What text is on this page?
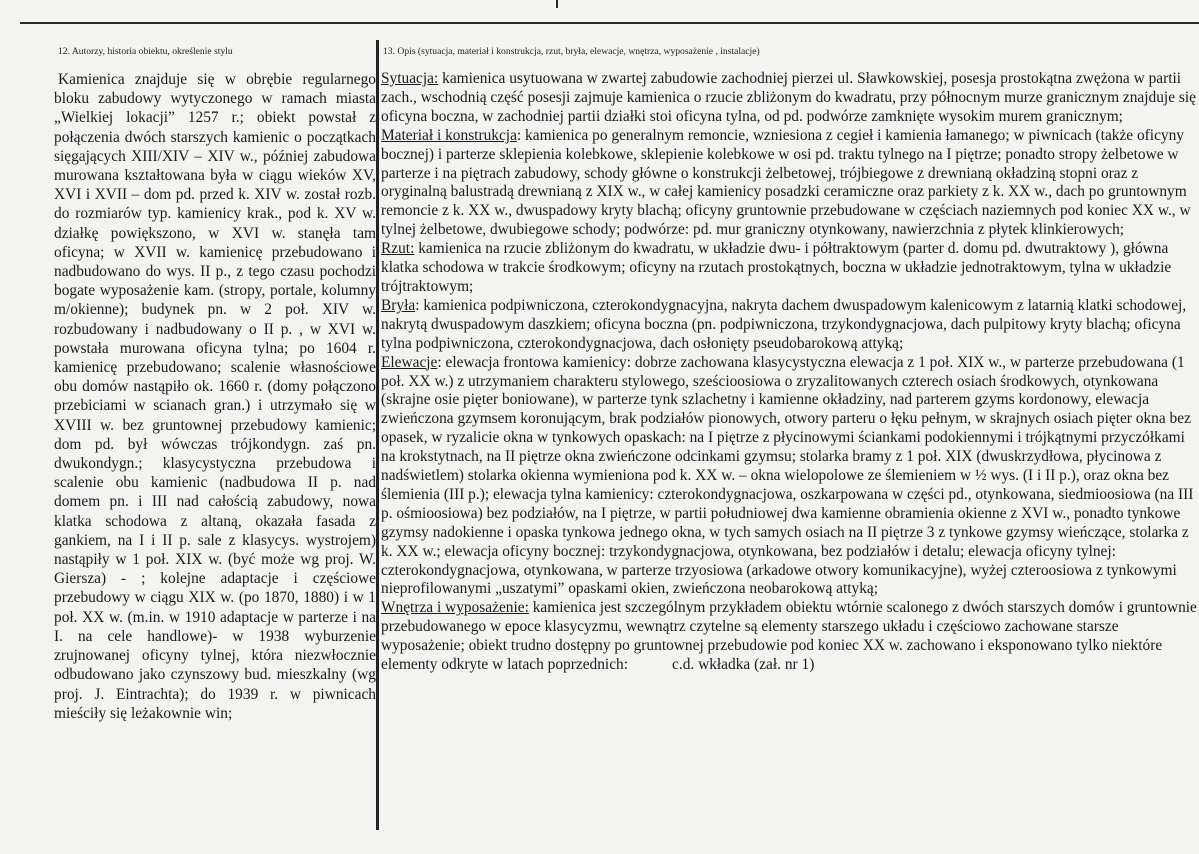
12. Autorzy, historia obiektu, określenie stylu	13. Opis (sytuacja, materiał i konstrukcja, rzut, bryła, elewacje, wnętrza, wyposażenie , instalacje)

Kamienica znajduje się w obrębie regularnego bloku zabudowy wytyczonego w ramach miasta „Wielkiej lokacji” 1257 r.; obiekt powstał z połączenia dwóch starszych kamienic o początkach sięgających XIII/XIV – XIV w., później zabudowa murowana kształtowana była w ciągu wieków XV, XVI i XVII – dom pd. przed k. XIV w. został rozb. do rozmiarów typ. kamienicy krak., pod k. XV w. działkę powiększono, w XVI w. stanęła tam oficyna; w XVII w. kamienicę przebudowano i nadbudowano do wys. II p., z tego czasu pochodzi bogate wyposażenie kam. (stropy, portale, kolumny m/okienne); budynek pn. w 2 poł. XIV w. rozbudowany i nadbudowany o II p. , w XVI w. powstała murowana oficyna tylna; po 1604 r. kamienicę przebudowano; scalenie własnościowe obu domów nastąpiło ok. 1660 r. (domy połączono przebiciami w scianach gran.) i utrzymało się w XVIII w. bez gruntownej przebudowy kamienic; dom pd. był wówczas trójkondygn. zaś pn. dwukondygn.; klasycystyczna przebudowa i scalenie obu kamienic (nadbudowa II p. nad domem pn. i III nad całością zabudowy, nowa klatka schodowa z altaną, okazała fasada z gankiem, na I i II p. sale z klasycys. wystrojem) nastąpiły w 1 poł. XIX w. (być może wg proj. W. Giersza) - ; kolejne adaptacje i częściowe przebudowy w ciągu XIX w. (po 1870, 1880) i w 1 poł. XX w. (m.in. w 1910 adaptacje w parterze i na I. na cele handlowe)- w 1938 wyburzenie zrujnowanej oficyny tylnej, która niezwłocznie odbudowano jako czynszowy bud. mieszkalny (wg proj. J. Eintrachta); do 1939 r. w piwnicach mieściły się leżakownie win;

Sytuacja: kamienica usytuowana w zwartej zabudowie zachodniej pierzei ul. Sławkowskiej, posesja prostokątna zwężona w partii zach., wschodnią część posesji zajmuje kamienica o rzucie zbliżonym do kwadratu, przy północnym murze granicznym znajduje się oficyna boczna, w zachodniej partii działki stoi oficyna tylna, od pd. podwórze zamknięte wysokim murem granicznym;

Materiał i konstrukcja: kamienica po generalnym remoncie, wzniesiona z cegieł i kamienia łamanego; w piwnicach (także oficyny bocznej) i parterze sklepienia kolebkowe, sklepienie kolebkowe w osi pd. traktu tylnego na I piętrze; ponadto stropy żelbetowe w parterze i na piętrach zabudowy, schody główne o konstrukcji żelbetowej, trójbiegowe z drewnianą okładziną stopni oraz z oryginalną balustradą drewnianą z XIX w., w całej kamienicy posadzki ceramiczne oraz parkiety z k. XX w., dach po gruntownym remoncie z k. XX w., dwuspadowy kryty blachą; oficyny gruntownie przebudowane w częściach naziemnych pod koniec XX w., w tylnej żelbetowe, dwubiegowe schody; podwórze: pd. mur graniczny otynkowany, nawierzchnia z płytek klinkierowych;

Rzut: kamienica na rzucie zbliżonym do kwadratu, w układzie dwu- i półtraktowym (parter d. domu pd. dwutraktowy ), główna klatka schodowa w trakcie środkowym; oficyny na rzutach prostokątnych, boczna w układzie jednotraktowym, tylna w układzie trójtraktowym;

Bryła: kamienica podpiwniczona, czterokondygnacyjna, nakryta dachem dwuspadowym kalenicowym z latarnią klatki schodowej, nakrytą dwuspadowym daszkiem; oficyna boczna (pn. podpiwniczona, trzykondygnacjowa, dach pulpitowy kryty blachą; oficyna tylna podpiwniczona, czterokondygnacjowa, dach osłonięty pseudobarokową attyką;

Elewacje: elewacja frontowa kamienicy: dobrze zachowana klasycystyczna elewacja z 1 poł. XIX w., w parterze przebudowana (1 poł. XX w.) z utrzymaniem charakteru stylowego, sześcioosiowa o zryzalitowanych czterech osiach środkowych, otynkowana (skrajne osie pięter boniowane), w parterze tynk szlachetny i kamienne okładziny, nad parterem gzyms kordonowy, elewacja zwieńczona gzymsem koronującym, brak podziałów pionowych, otwory parteru o łęku pełnym, w skrajnych osiach pięter okna bez opasek, w ryzalicie okna w tynkowych opaskach: na I piętrze z płycinowymi ściankami podokiennymi i trójkątnymi przyczółkami na krokstytnach, na II piętrze okna zwieńczone odcinkami gzymsu; stolarka bramy z 1 poł. XIX (dwuskrzydłowa, płycinowa z nadświetlem) stolarka okienna wymieniona pod k. XX w. – okna wielopolowe ze ślemieniem w ½ wys. (I i II p.), oraz okna bez ślemienia (III p.); elewacja tylna kamienicy: czterokondygnacjowa, oszkarpowana w części pd., otynkowana, siedmioosiowa (na III p. ośmioosiowa) bez podziałów, na I piętrze, w partii południowej dwa kamienne obramienia okienne z XVI w., ponadto tynkowe gzymsy nadokienne i opaska tynkowa jednego okna, w tych samych osiach na II piętrze 3 z tynkowe gzymsy wieńczące, stolarka z k. XX w.; elewacja oficyny bocznej: trzykondygnacjowa, otynkowana, bez podziałów i detalu; elewacja oficyny tylnej: czterokondygnacjowa, otynkowana, w parterze trzyosiowa (arkadowe otwory komunikacyjne), wyżej czteroosiowa z tynkowymi nieprofilowanymi „uszatymi” opaskami okien, zwieńczona neobarokową attyką;

Wnętrza i wyposażenie: kamienica jest szczególnym przykładem obiektu wtórnie scalonego z dwóch starszych domów i gruntownie przebudowanego w epoce klasycyzmu, wewnątrz czytelne są elementy starszego układu i częściowo zachowane starsze wyposażenie; obiekt trudno dostępny po gruntownej przebudowie pod koniec XX w. zachowano i eksponowano tylko niektóre elementy odkryte w latach poprzednich:	c.d. wkładka (zał. nr 1)
